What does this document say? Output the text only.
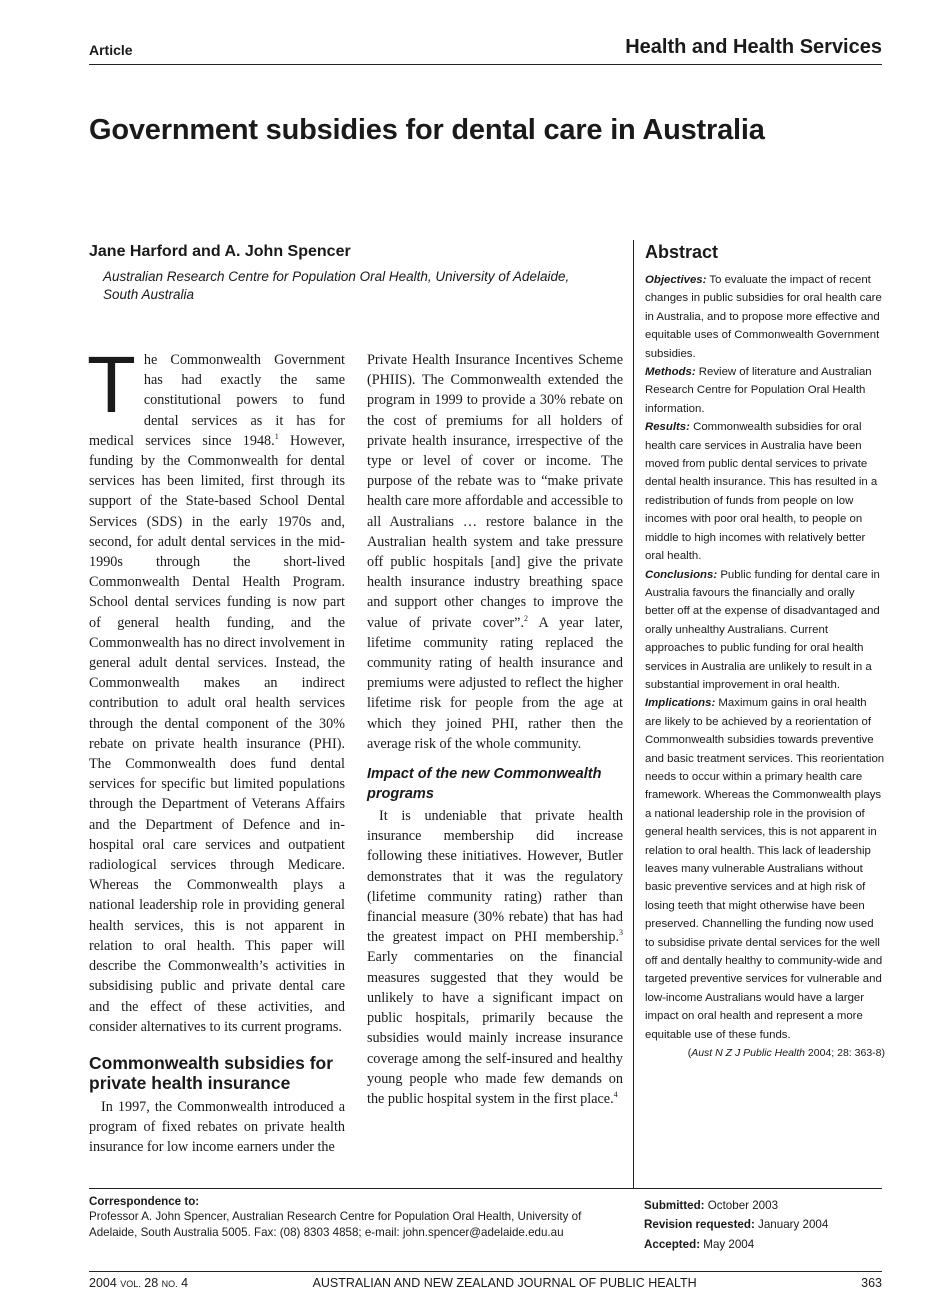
Article	Health and Health Services
Government subsidies for dental care in Australia
Jane Harford and A. John Spencer
Australian Research Centre for Population Oral Health, University of Adelaide, South Australia

The Commonwealth Government has had exactly the same constitutional powers to fund dental services as it has for medical services since 1948.$^1$ However, funding by the Commonwealth for dental services has been limited, first through its support of the State-based School Dental Services (SDS) in the early 1970s and, second, for adult dental services in the mid-1990s through the short-lived Commonwealth Dental Health Program. School dental services funding is now part of general health funding, and the Commonwealth has no direct involvement in general adult dental services. Instead, the Commonwealth makes an indirect contribution to adult oral health services through the dental component of the 30% rebate on private health insurance (PHI). The Commonwealth does fund dental services for specific but limited populations through the Department of Veterans Affairs and the Department of Defence and in-hospital oral care services and outpatient radiological services through Medicare. Whereas the Commonwealth plays a national leadership role in providing general health services, this is not apparent in relation to oral health. This paper will describe the Commonwealth’s activities in subsidising public and private dental care and the effect of these activities, and consider alternatives to its current programs.

Commonwealth subsidies for private health insurance

In 1997, the Commonwealth introduced a program of fixed rebates on private health insurance for low income earners under the

Private Health Insurance Incentives Scheme (PHIIS). The Commonwealth extended the program in 1999 to provide a 30% rebate on the cost of premiums for all holders of private health insurance, irrespective of the type or level of cover or income. The purpose of the rebate was to “make private health care more affordable and accessible to all Australians … restore balance in the Australian health system and take pressure off public hospitals [and] give the private health insurance industry breathing space and support other changes to improve the value of private cover”.$^2$ A year later, lifetime community rating replaced the community rating of health insurance and premiums were adjusted to reflect the higher lifetime risk for people from the age at which they joined PHI, rather then the average risk of the whole community.

Impact of the new Commonwealth programs

It is undeniable that private health insurance membership did increase following these initiatives. However, Butler demonstrates that it was the regulatory (lifetime community rating) rather than financial measure (30% rebate) that has had the greatest impact on PHI membership.$^3$ Early commentaries on the financial measures suggested that they would be unlikely to have a significant impact on public hospitals, primarily because the subsidies would mainly increase insurance coverage among the self-insured and healthy young people who made few demands on the public hospital system in the first place.$^4$

Abstract
Objectives: To evaluate the impact of recent changes in public subsidies for oral health care in Australia, and to propose more effective and equitable uses of Commonwealth Government subsidies.
Methods: Review of literature and Australian Research Centre for Population Oral Health information.
Results: Commonwealth subsidies for oral health care services in Australia have been moved from public dental services to private dental health insurance. This has resulted in a redistribution of funds from people on low incomes with poor oral health, to people on middle to high incomes with relatively better oral health.
Conclusions: Public funding for dental care in Australia favours the financially and orally better off at the expense of disadvantaged and orally unhealthy Australians. Current approaches to public funding for oral health services in Australia are unlikely to result in a substantial improvement in oral health.
Implications: Maximum gains in oral health are likely to be achieved by a reorientation of Commonwealth subsidies towards preventive and basic treatment services. This reorientation needs to occur within a primary health care framework. Whereas the Commonwealth plays a national leadership role in the provision of general health services, this is not apparent in relation to oral health. This lack of leadership leaves many vulnerable Australians without basic preventive services and at high risk of losing teeth that might otherwise have been preserved. Channelling the funding now used to subsidise private dental services for the well off and dentally healthy to community-wide and targeted preventive services for vulnerable and low-income Australians would have a larger impact on oral health and represent a more equitable use of these funds.
(Aust N Z J Public Health 2004; 28: 363-8)
Correspondence to:
Professor A. John Spencer, Australian Research Centre for Population Oral Health, University of Adelaide, South Australia 5005. Fax: (08) 8303 4858; e-mail: john.spencer@adelaide.edu.au
Submitted: October 2003
Revision requested: January 2004
Accepted: May 2004
2004 VOL. 28 NO. 4	AUSTRALIAN AND NEW ZEALAND JOURNAL OF PUBLIC HEALTH	363
